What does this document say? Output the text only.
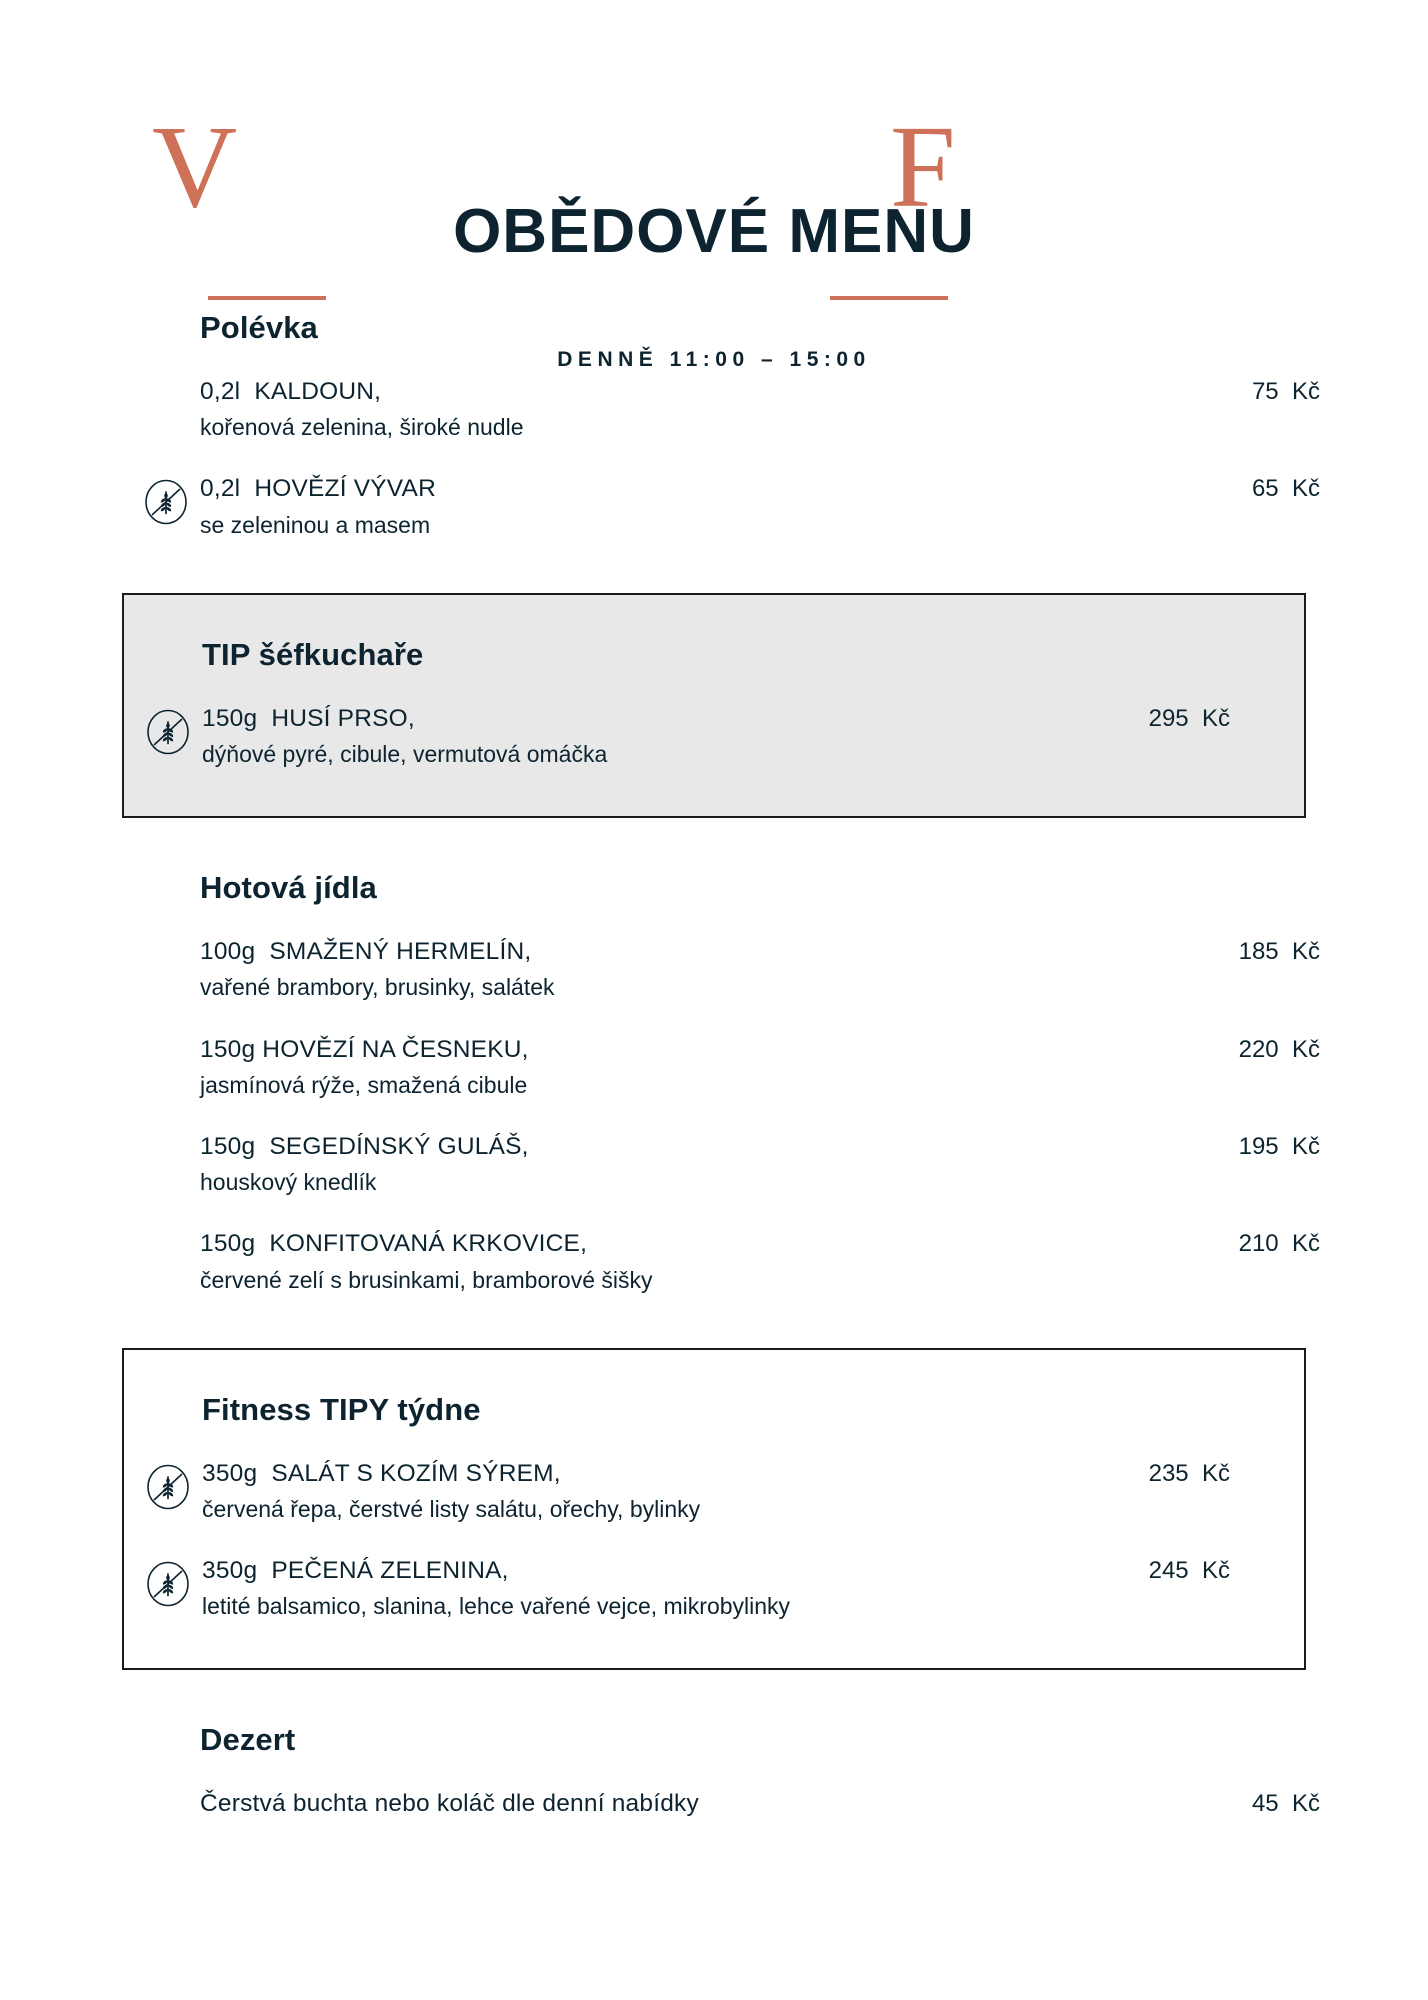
V	F
OBĚDOVÉ MENU
DENNĚ 11:00 – 15:00
Polévka
0,2l  KALDOUN,
kořenová zelenina, široké nudle
75  Kč
0,2l  HOVĚZÍ VÝVAR
se zeleninou a masem
65  Kč
TIP šéfkuchaře
150g  HUSÍ PRSO,
dýňové pyré, cibule, vermutová omáčka
295  Kč
Hotová jídla
100g  SMAŽENÝ HERMELÍN,
vařené brambory, brusinky, salátek
185  Kč
150g HOVĚZÍ NA ČESNEKU,
jasmínová rýže, smažená cibule
220  Kč
150g  SEGEDÍNSKÝ GULÁŠ,
houskový knedlík
195  Kč
150g  KONFITOVANÁ KRKOVICE,
červené zelí s brusinkami, bramborové šišky
210  Kč
Fitness TIPY týdne
350g  SALÁT S KOZÍM SÝREM,
červená řepa, čerstvé listy salátu, ořechy, bylinky
235  Kč
350g  PEČENÁ ZELENINA,
letité balsamico, slanina, lehce vařené vejce, mikrobylinky
245  Kč
Dezert
Čerstvá buchta nebo koláč dle denní nabídky	45  Kč
